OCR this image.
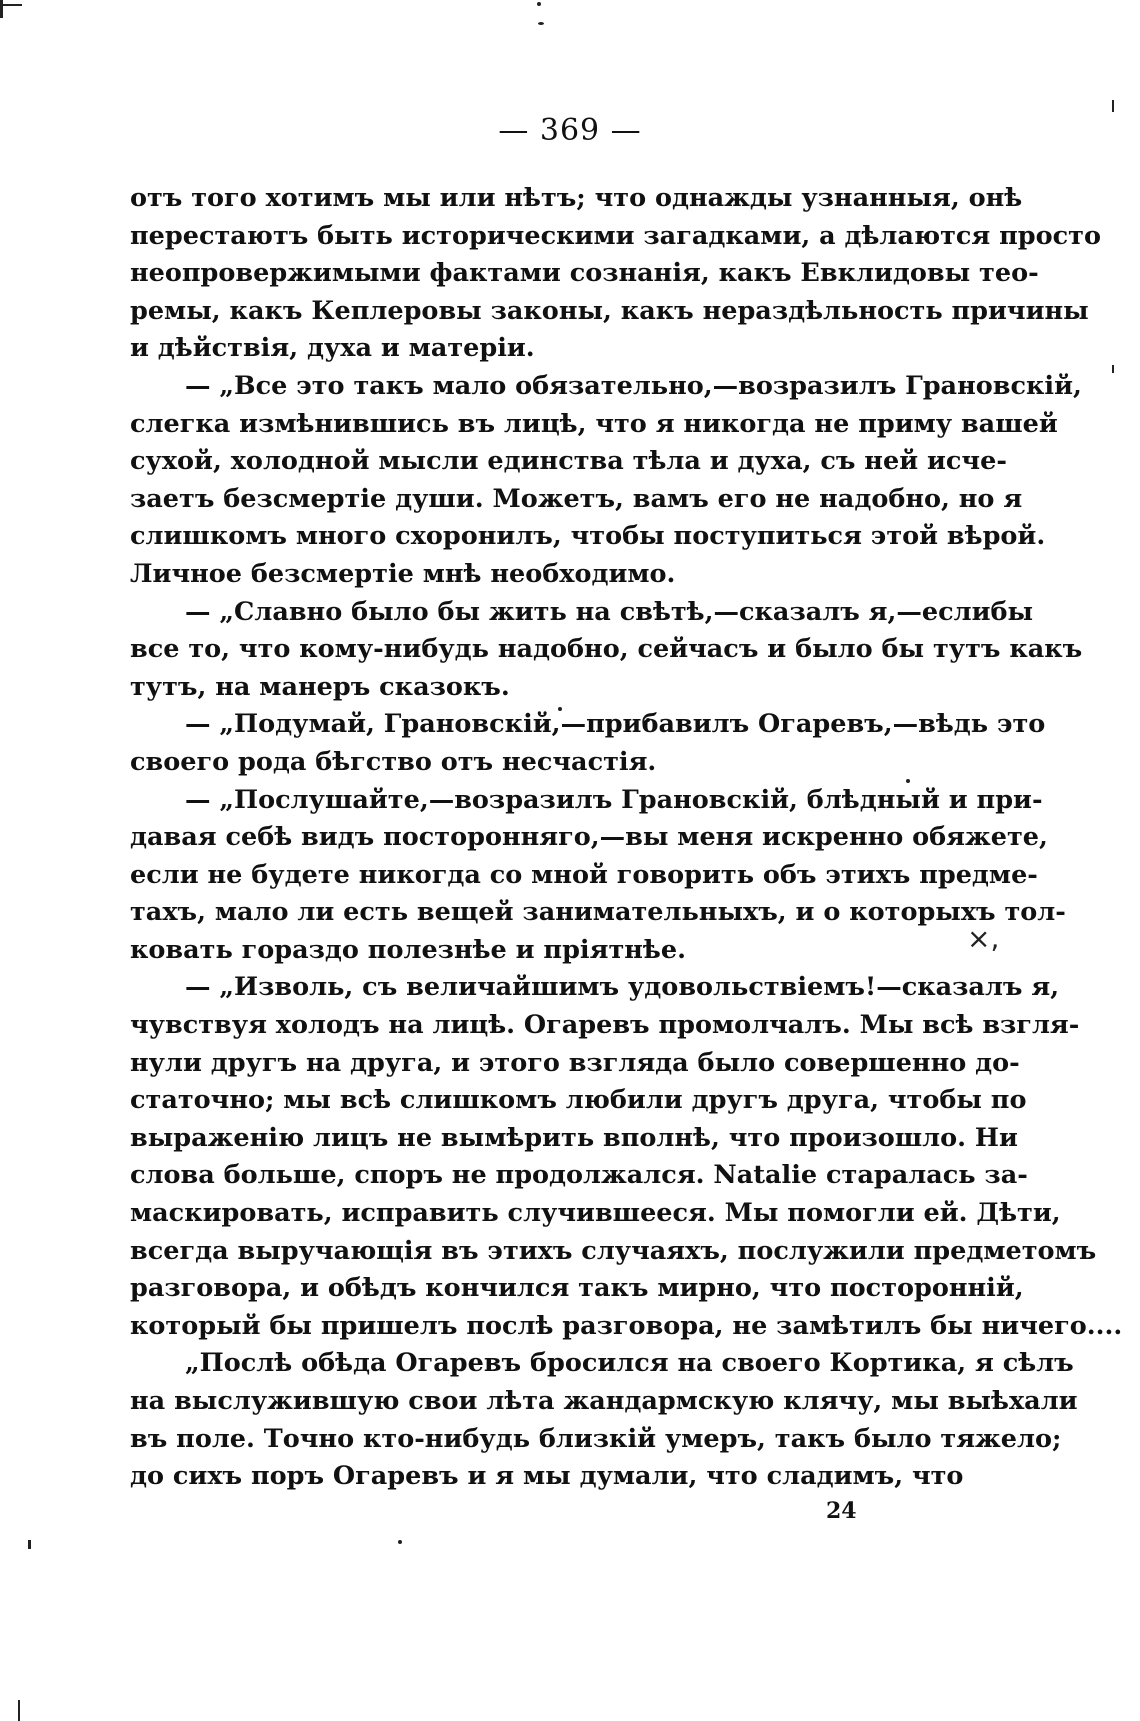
— 369 —
отъ того хотимъ мы или нѣтъ; что однажды узнанныя, онѣ
перестаютъ быть историческими загадками, а дѣлаются просто
неопровержимыми фактами сознанія, какъ Евклидовы тео-
ремы, какъ Кеплеровы законы, какъ нераздѣльность причины
и дѣйствія, духа и матеріи.
— „Все это такъ мало обязательно,—возразилъ Грановскій,
слегка измѣнившись въ лицѣ, что я никогда не приму вашей
сухой, холодной мысли единства тѣла и духа, съ ней исче-
заетъ безсмертіе души. Можетъ, вамъ его не надобно, но я
слишкомъ много схоронилъ, чтобы поступиться этой вѣрой.
Личное безсмертіе мнѣ необходимо.
— „Славно было бы жить на свѣтѣ,—сказалъ я,—еслибы
все то, что кому-нибудь надобно, сейчасъ и было бы тутъ какъ
тутъ, на манеръ сказокъ.
— „Подумай, Грановскій,—прибавилъ Огаревъ,—вѣдь это
своего рода бѣгство отъ несчастія.
— „Послушайте,—возразилъ Грановскій, блѣдный и при-
давая себѣ видъ посторонняго,—вы меня искренно обяжете,
если не будете никогда со мной говорить объ этихъ предме-
тахъ, мало ли есть вещей занимательныхъ, и о которыхъ тол-
ковать гораздо полезнѣе и пріятнѣе.
— „Изволь, съ величайшимъ удовольствіемъ!—сказалъ я,
чувствуя холодъ на лицѣ. Огаревъ промолчалъ. Мы всѣ взгля-
нули другъ на друга, и этого взгляда было совершенно до-
статочно; мы всѣ слишкомъ любили другъ друга, чтобы по
выраженію лицъ не вымѣрить вполнѣ, что произошло. Ни
слова больше, споръ не продолжался. Natalie старалась за-
маскировать, исправить случившееся. Мы помогли ей. Дѣти,
всегда выручающія въ этихъ случаяхъ, послужили предметомъ
разговора, и обѣдъ кончился такъ мирно, что посторонній,
который бы пришелъ послѣ разговора, не замѣтилъ бы ничего....
„Послѣ обѣда Огаревъ бросился на своего Кортика, я сѣлъ
на выслужившую свои лѣта жандармскую клячу, мы выѣхали
въ поле. Точно кто-нибудь близкій умеръ, такъ было тяжело;
до сихъ поръ Огаревъ и я мы думали, что сладимъ, что
×,
24
